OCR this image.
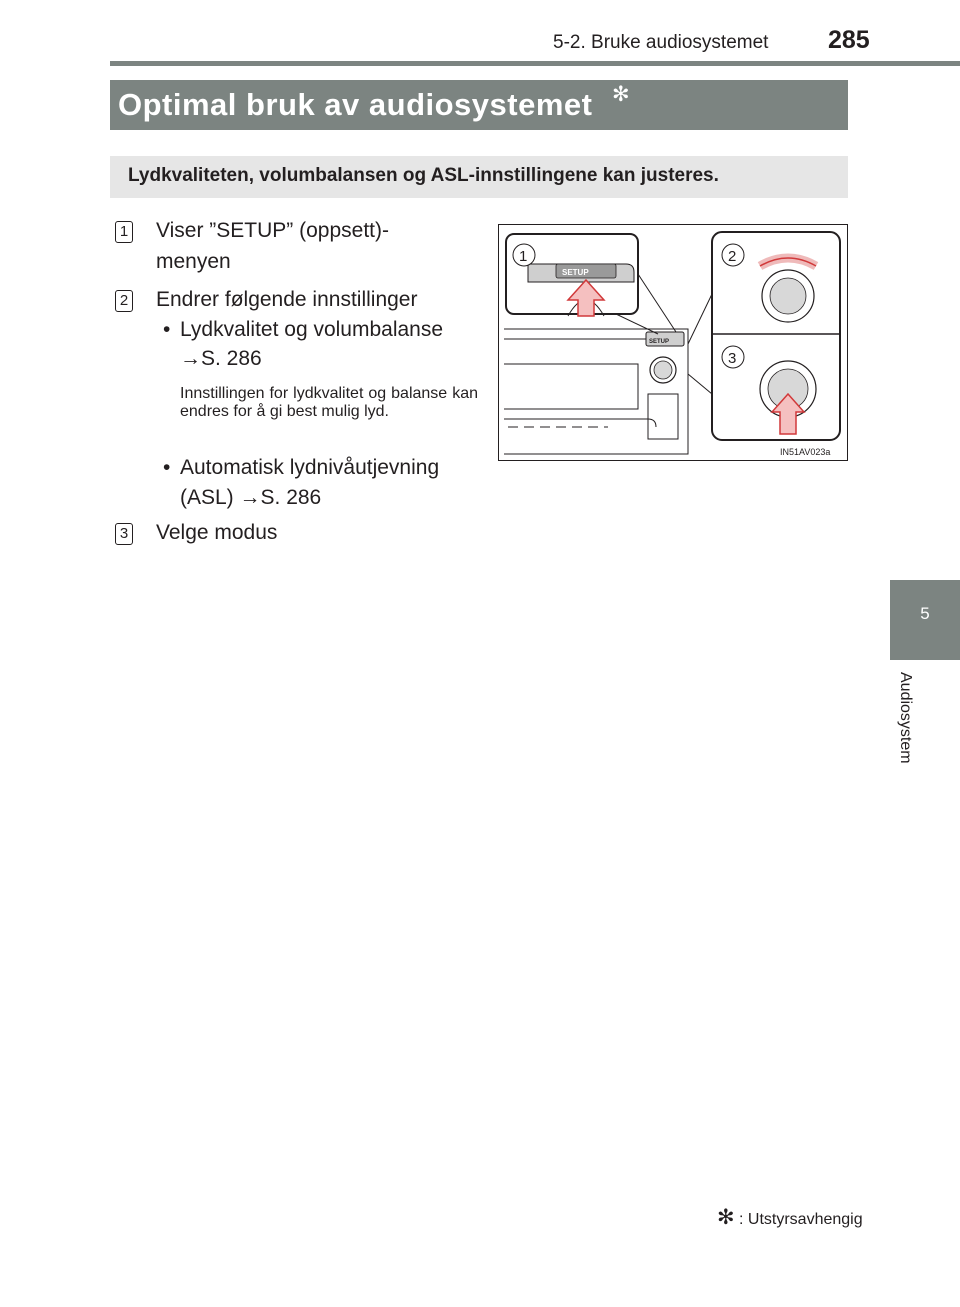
5-2. Bruke audiosystemet 285
Optimal bruk av audiosystemet ✻
Lydkvaliteten, volumbalansen og ASL-innstillingene kan justeres.
1 Viser ”SETUP” (oppsett)-
menyen
2 Endrer følgende innstillinger
• Lydkvalitet og volumbalanse
→S. 286
Innstillingen for lydkvalitet og balanse kan endres for å gi best mulig lyd.
• Automatisk lydnivåutjevning
(ASL) →S. 286
3 Velge modus
SETUP
SETUP
1	2
3
IN51AV023a
5
Audiosystem
✻ : Utstyrsavhengig
